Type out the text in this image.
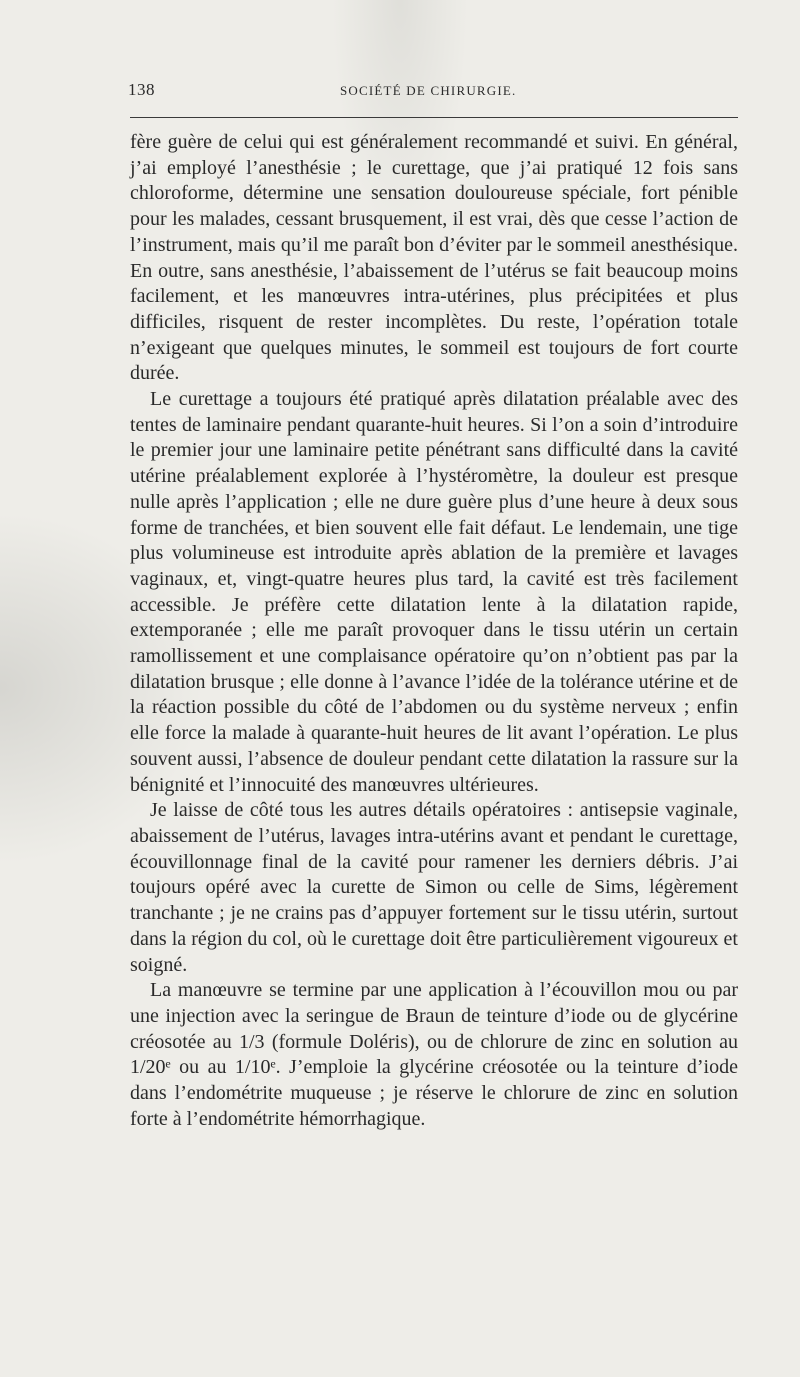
138	SOCIÉTÉ DE CHIRURGIE.

fère guère de celui qui est généralement recommandé et suivi. En général, j’ai employé l’anesthésie ; le curettage, que j’ai pratiqué 12 fois sans chloroforme, détermine une sensation douloureuse spéciale, fort pénible pour les malades, cessant brusquement, il est vrai, dès que cesse l’action de l’instrument, mais qu’il me paraît bon d’éviter par le sommeil anesthésique. En outre, sans anesthésie, l’abaissement de l’utérus se fait beaucoup moins facilement, et les manœuvres intra-utérines, plus précipitées et plus difficiles, risquent de rester incomplètes. Du reste, l’opération totale n’exigeant que quelques minutes, le sommeil est toujours de fort courte durée.

Le curettage a toujours été pratiqué après dilatation préalable avec des tentes de laminaire pendant quarante-huit heures. Si l’on a soin d’introduire le premier jour une laminaire petite pénétrant sans difficulté dans la cavité utérine préalablement explorée à l’hystéromètre, la douleur est presque nulle après l’application ; elle ne dure guère plus d’une heure à deux sous forme de tranchées, et bien souvent elle fait défaut. Le lendemain, une tige plus volumineuse est introduite après ablation de la première et lavages vaginaux, et, vingt-quatre heures plus tard, la cavité est très facilement accessible. Je préfère cette dilatation lente à la dilatation rapide, extemporanée ; elle me paraît provoquer dans le tissu utérin un certain ramollissement et une complaisance opératoire qu’on n’obtient pas par la dilatation brusque ; elle donne à l’avance l’idée de la tolérance utérine et de la réaction possible du côté de l’abdomen ou du système nerveux ; enfin elle force la malade à quarante-huit heures de lit avant l’opération. Le plus souvent aussi, l’absence de douleur pendant cette dilatation la rassure sur la bénignité et l’innocuité des manœuvres ultérieures.

Je laisse de côté tous les autres détails opératoires : antisepsie vaginale, abaissement de l’utérus, lavages intra-utérins avant et pendant le curettage, écouvillonnage final de la cavité pour ramener les derniers débris. J’ai toujours opéré avec la curette de Simon ou celle de Sims, légèrement tranchante ; je ne crains pas d’appuyer fortement sur le tissu utérin, surtout dans la région du col, où le curettage doit être particulièrement vigoureux et soigné.

La manœuvre se termine par une application à l’écouvillon mou ou par une injection avec la seringue de Braun de teinture d’iode ou de glycérine créosotée au 1/3 (formule Doléris), ou de chlorure de zinc en solution au 1/20ᵉ ou au 1/10ᵉ. J’emploie la glycérine créosotée ou la teinture d’iode dans l’endométrite muqueuse ; je réserve le chlorure de zinc en solution forte à l’endométrite hémorrhagique.
